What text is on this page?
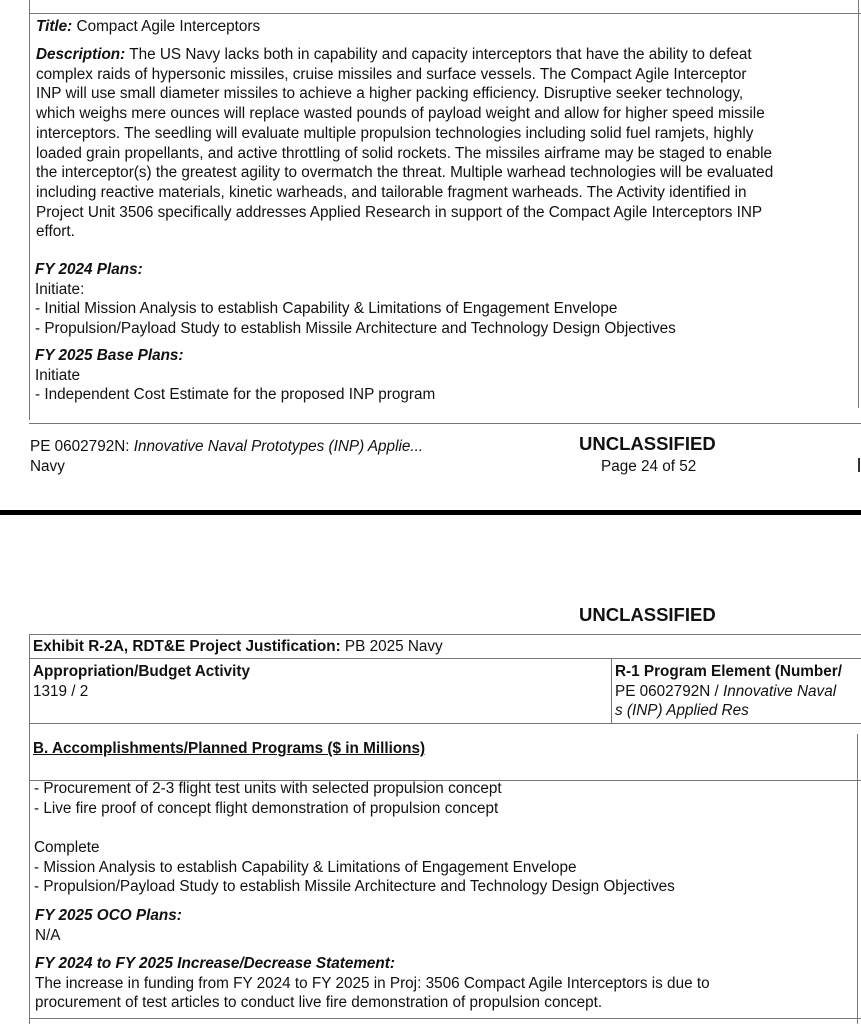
Title: Compact Agile Interceptors
Description: The US Navy lacks both in capability and capacity interceptors that have the ability to defeat
complex raids of hypersonic missiles, cruise missiles and surface vessels. The Compact Agile Interceptor
INP will use small diameter missiles to achieve a higher packing efficiency. Disruptive seeker technology,
which weighs mere ounces will replace wasted pounds of payload weight and allow for higher speed missile
interceptors. The seedling will evaluate multiple propulsion technologies including solid fuel ramjets, highly
loaded grain propellants, and active throttling of solid rockets. The missiles airframe may be staged to enable
the interceptor(s) the greatest agility to overmatch the threat. Multiple warhead technologies will be evaluated
including reactive materials, kinetic warheads, and tailorable fragment warheads. The Activity identified in
Project Unit 3506 specifically addresses Applied Research in support of the Compact Agile Interceptors INP
effort.
FY 2024 Plans:
Initiate:
- Initial Mission Analysis to establish Capability & Limitations of Engagement Envelope
- Propulsion/Payload Study to establish Missile Architecture and Technology Design Objectives
FY 2025 Base Plans:
Initiate
- Independent Cost Estimate for the proposed INP program
PE 0602792N: Innovative Naval Prototypes (INP) Applie...
Navy
UNCLASSIFIED
Page 24 of 52
UNCLASSIFIED
Exhibit R-2A, RDT&E Project Justification: PB 2025 Navy
Appropriation/Budget Activity
1319 / 2
R-1 Program Element (Number/
PE 0602792N / Innovative Naval
s (INP) Applied Res
B. Accomplishments/Planned Programs ($ in Millions)
- Procurement of 2-3 flight test units with selected propulsion concept
- Live fire proof of concept flight demonstration of propulsion concept
Complete
- Mission Analysis to establish Capability & Limitations of Engagement Envelope
- Propulsion/Payload Study to establish Missile Architecture and Technology Design Objectives
FY 2025 OCO Plans:
N/A
FY 2024 to FY 2025 Increase/Decrease Statement:
The increase in funding from FY 2024 to FY 2025 in Proj: 3506 Compact Agile Interceptors is due to
procurement of test articles to conduct live fire demonstration of propulsion concept.
